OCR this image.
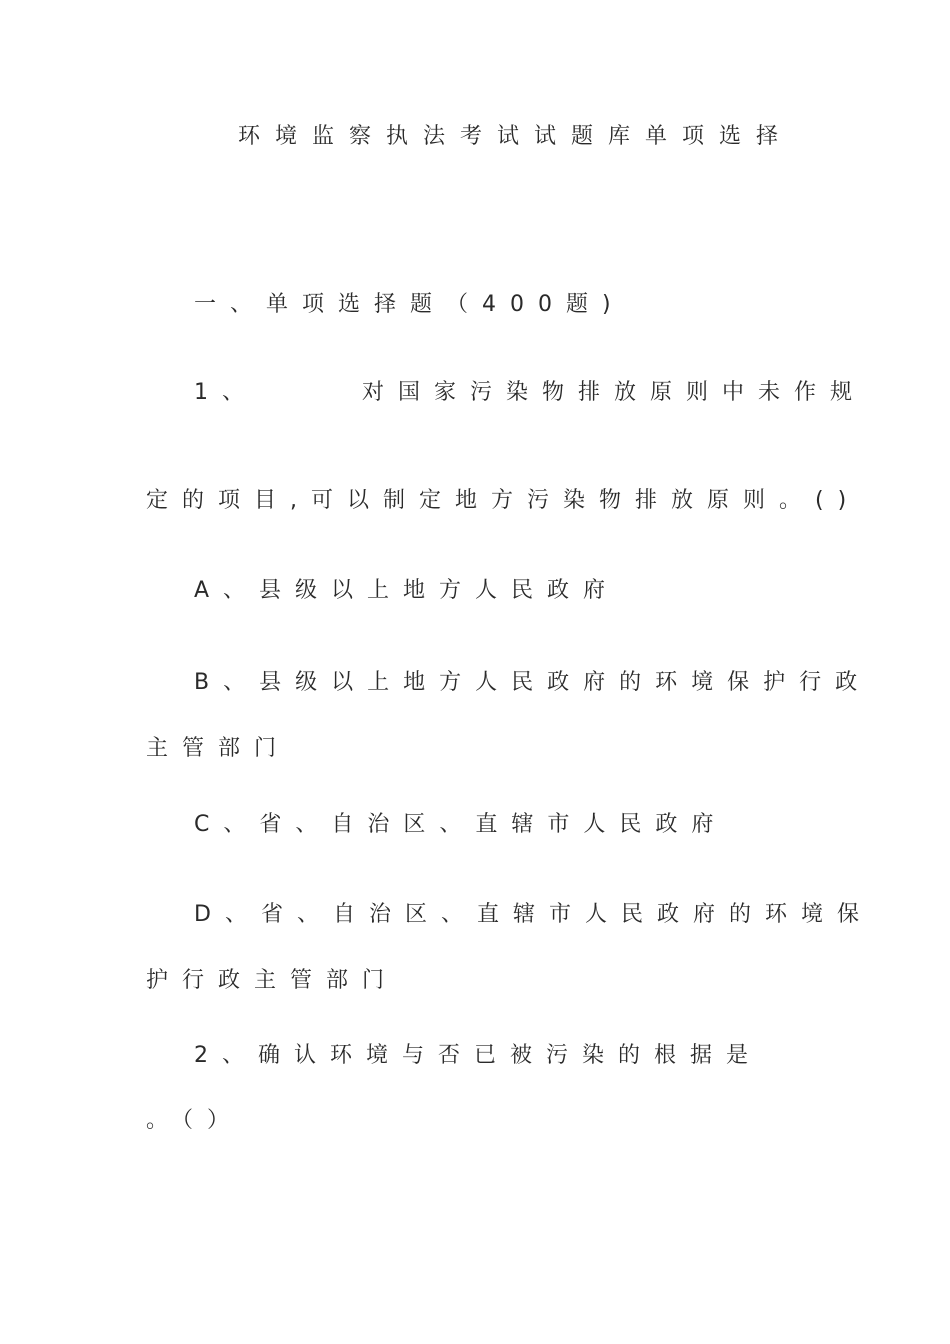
环境监察执法考试试题库单项选择
一、单项选择题（400题)
1、	对国家污染物排放原则中未作规
定的项目,可以制定地方污染物排放原则。()
A、县级以上地方人民政府
B、县级以上地方人民政府的环境保护行政
主管部门
C、省、自治区、直辖市人民政府
D、省、自治区、直辖市人民政府的环境保
护行政主管部门
2、确认环境与否已被污染的根据是
。（）
